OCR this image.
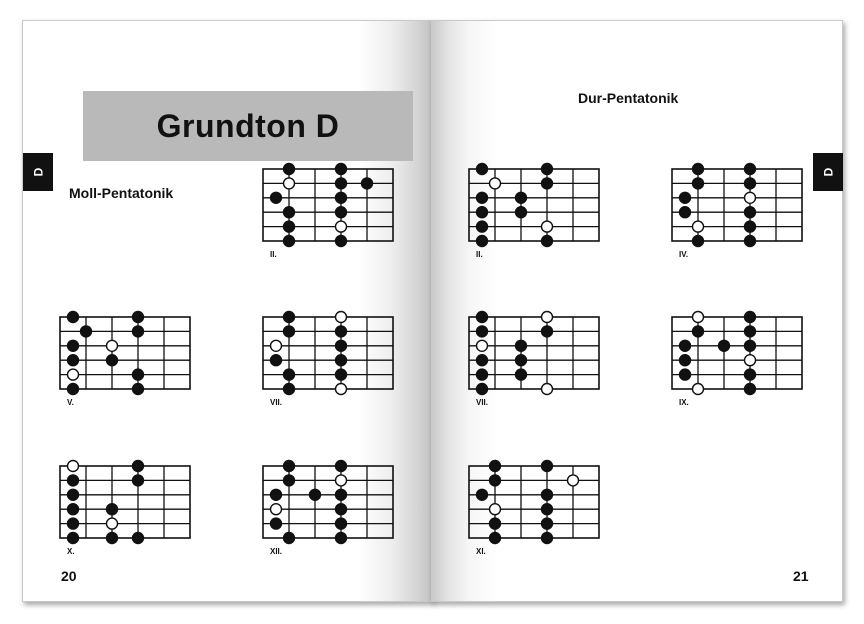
Grundton D
D
Moll-Pentatonik
20
Dur-Pentatonik
D
21
II.
V.	VII.
X.	XII.
II.	IV.
VII.	IX.
XI.
